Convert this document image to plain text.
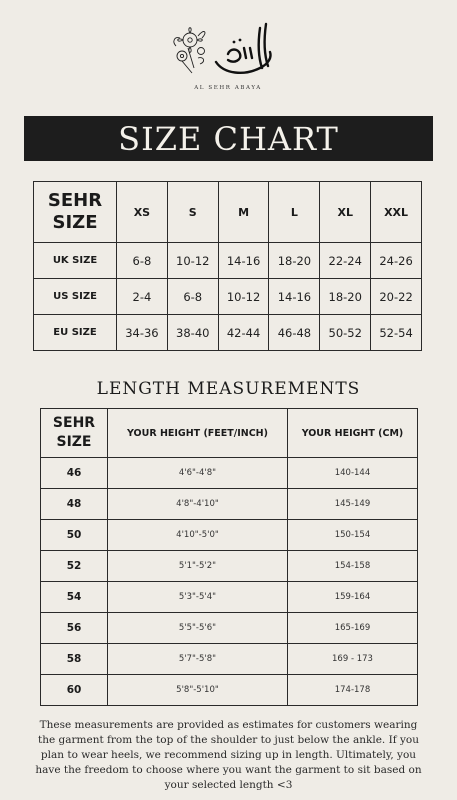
AL SEHR ABAYA
SIZE CHART
SEHR
SIZE	XS	S	M	L	XL	XXL
UK SIZE	6-8	10-12	14-16	18-20	22-24	24-26
US SIZE	2-4	6-8	10-12	14-16	18-20	20-22
EU SIZE	34-36	38-40	42-44	46-48	50-52	52-54
LENGTH MEASUREMENTS
SEHR
SIZE	YOUR HEIGHT (FEET/INCH)	YOUR HEIGHT (CM)
46	4'6"-4'8"	140-144
48	4'8"-4'10"	145-149
50	4'10"-5'0"	150-154
52	5'1"-5'2"	154-158
54	5'3"-5'4"	159-164
56	5'5"-5'6"	165-169
58	5'7"-5'8"	169 - 173
60	5'8"-5'10"	174-178
These measurements are provided as estimates for customers wearing the garment from the top of the shoulder to just below the ankle. If you plan to wear heels, we recommend sizing up in length. Ultimately, you have the freedom to choose where you want the garment to sit based on your selected length <3
